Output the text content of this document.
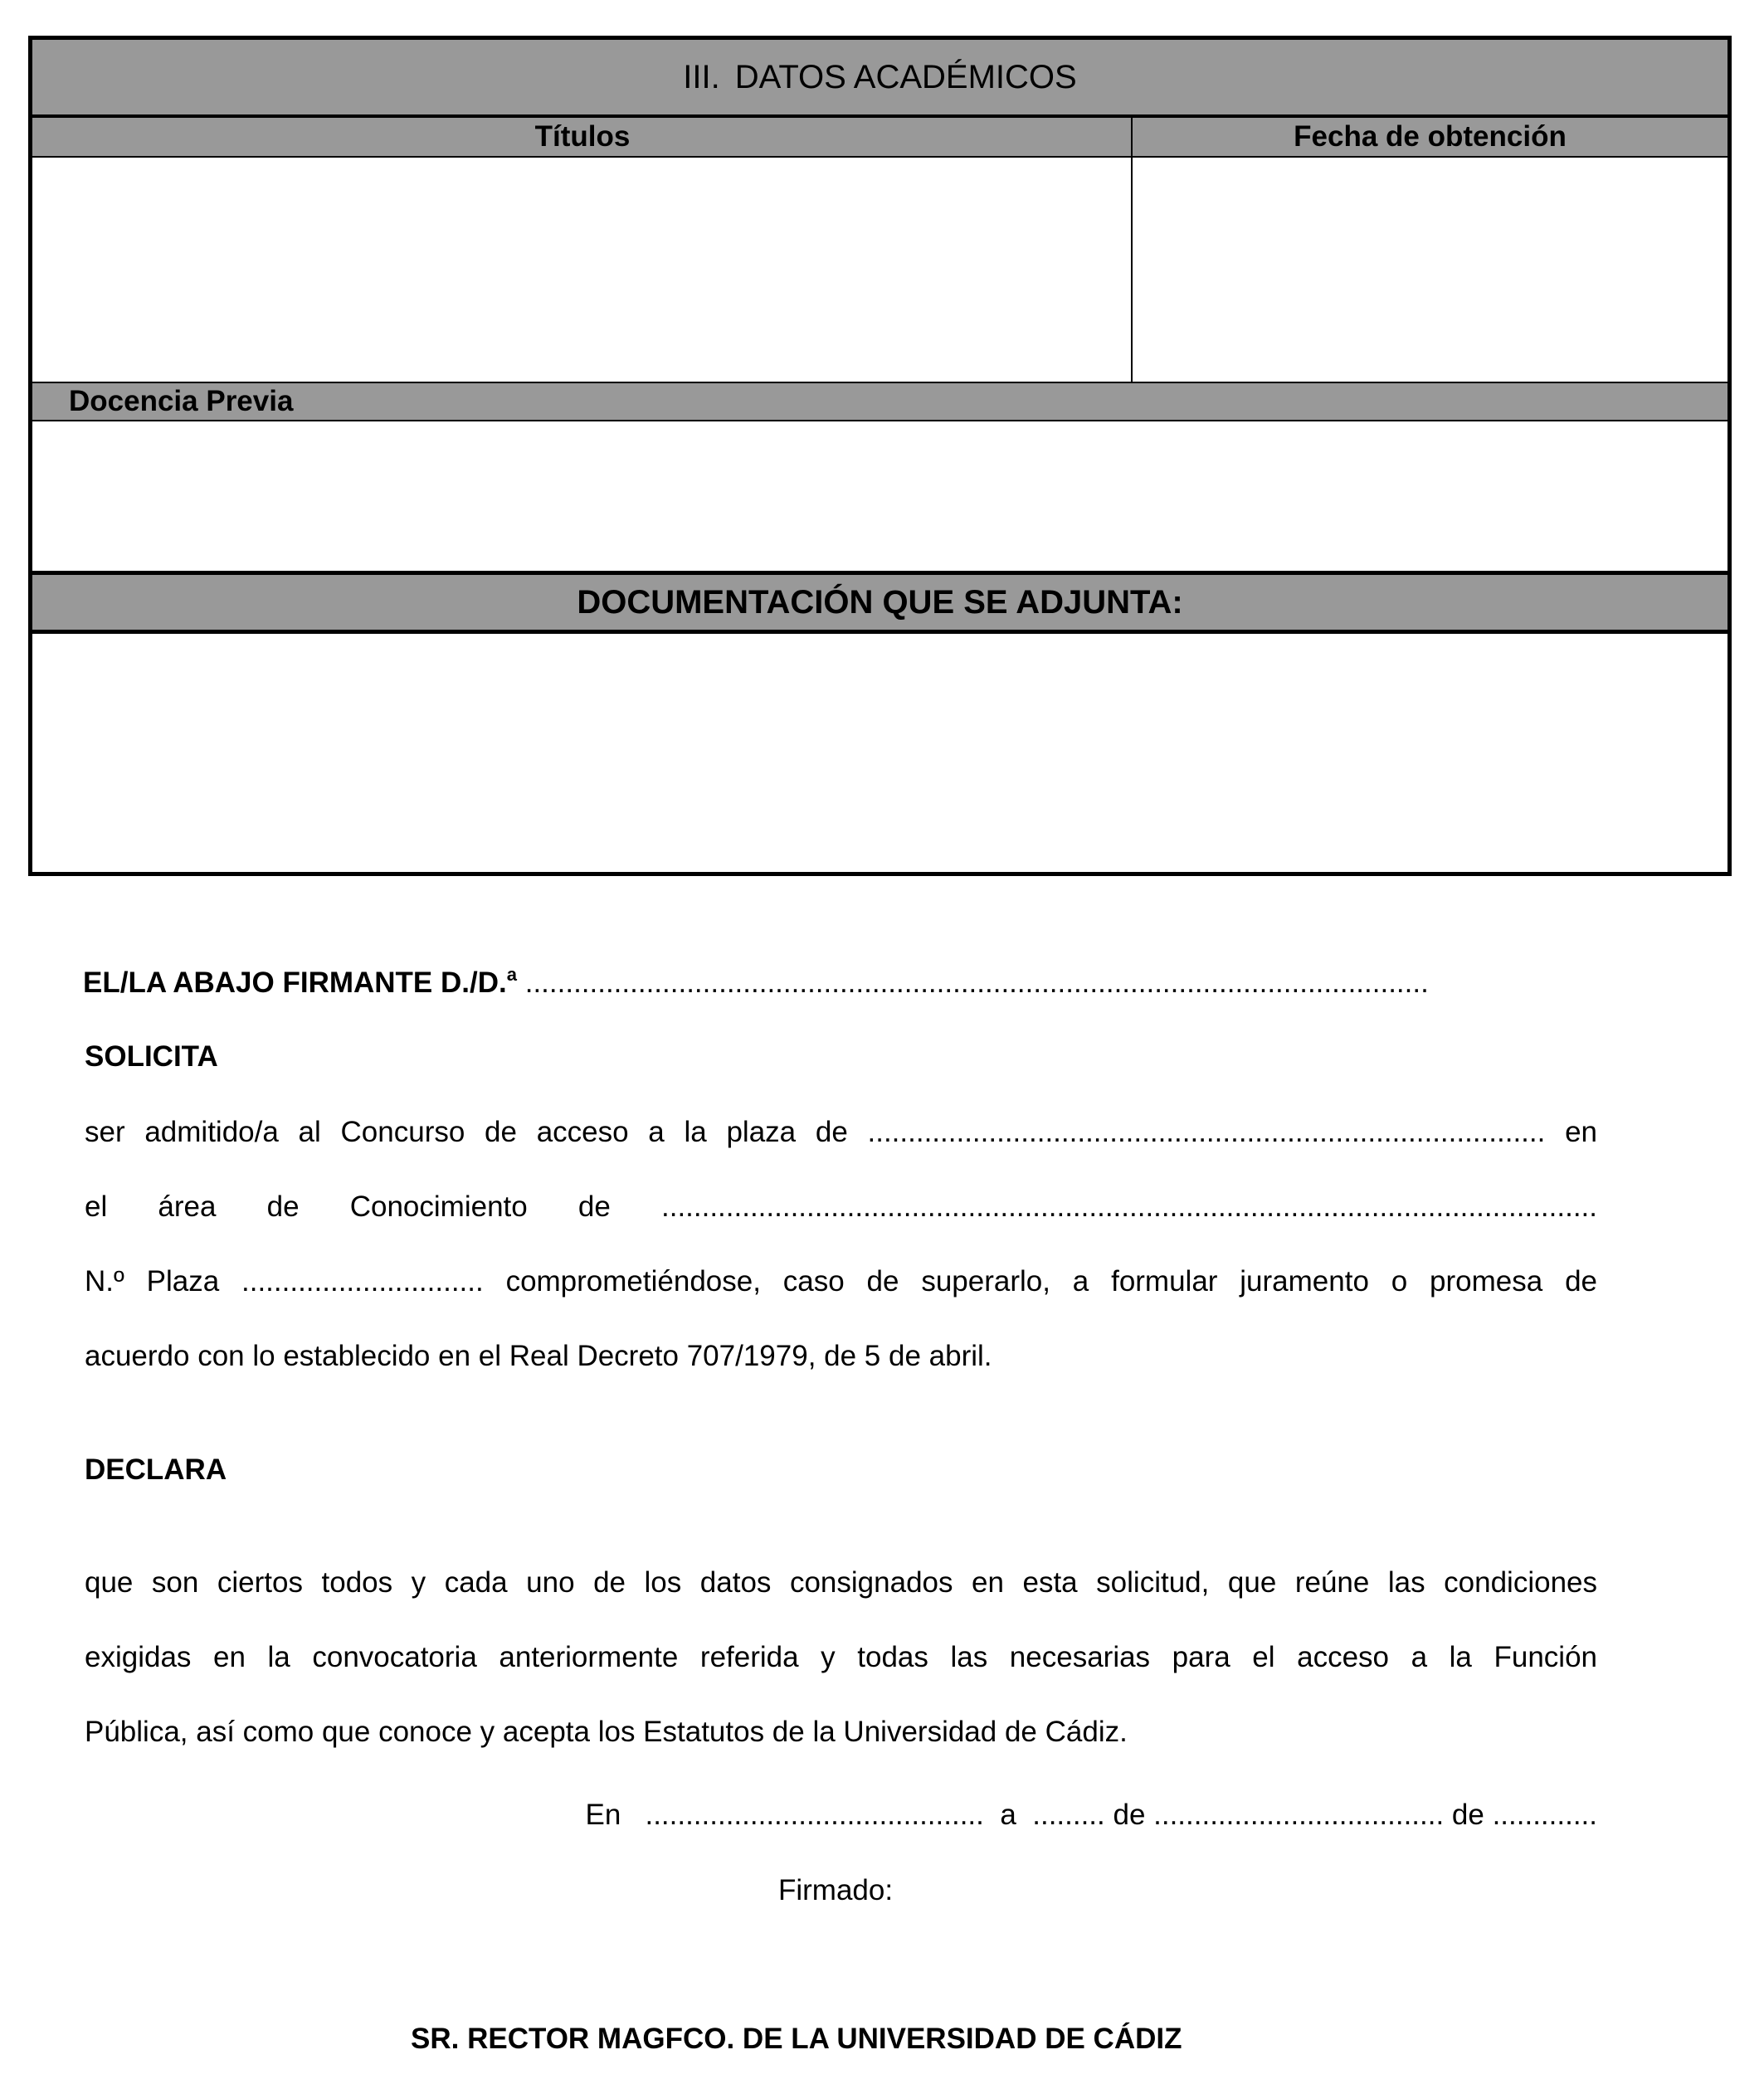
III. DATOS ACADÉMICOS
Títulos	Fecha de obtención
Docencia Previa
DOCUMENTACIÓN QUE SE ADJUNTA:
EL/LA ABAJO FIRMANTE D./D.$^a$ ................................................................................................................
SOLICITA
ser admitido/a al Concurso de acceso a la plaza de .................................................................................... en
el área de Conocimiento de ....................................................................................................................
N.º Plaza .............................. comprometiéndose, caso de superarlo, a formular juramento o promesa de
acuerdo con lo establecido en el Real Decreto 707/1979, de 5 de abril.
DECLARA
que son ciertos todos y cada uno de los datos consignados en esta solicitud, que reúne las condiciones
exigidas en la convocatoria anteriormente referida y todas las necesarias para el acceso a la Función
Pública, así como que conoce y acepta los Estatutos de la Universidad de Cádiz.
En   ..........................................  a  ......... de .................................... de .............
Firmado:
SR. RECTOR MAGFCO. DE LA UNIVERSIDAD DE CÁDIZ
